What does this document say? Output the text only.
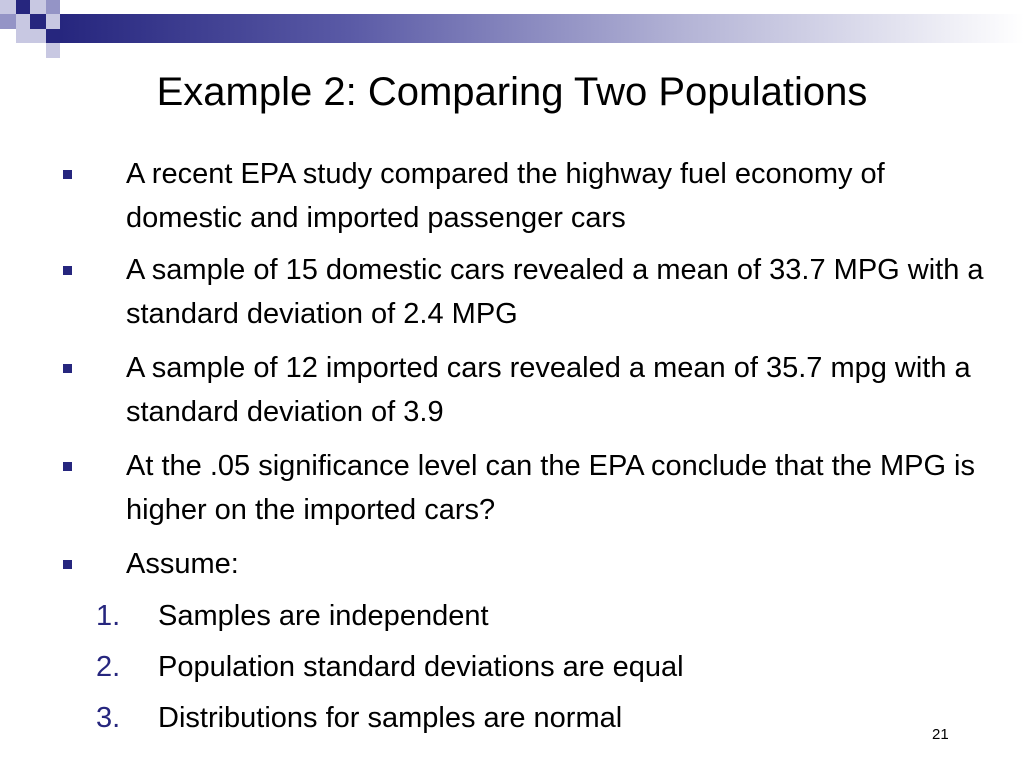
Example 2: Comparing Two Populations
A recent EPA study compared the highway fuel economy of domestic and imported passenger cars
A sample of 15 domestic cars revealed a mean of 33.7 MPG with a standard deviation of 2.4 MPG
A sample of 12 imported cars revealed a mean of 35.7 mpg with a standard deviation of 3.9
At the .05 significance level can the EPA conclude that the MPG is higher on the imported cars?
Assume:
1. Samples are independent
2. Population standard deviations are equal
3. Distributions for samples are normal
21
